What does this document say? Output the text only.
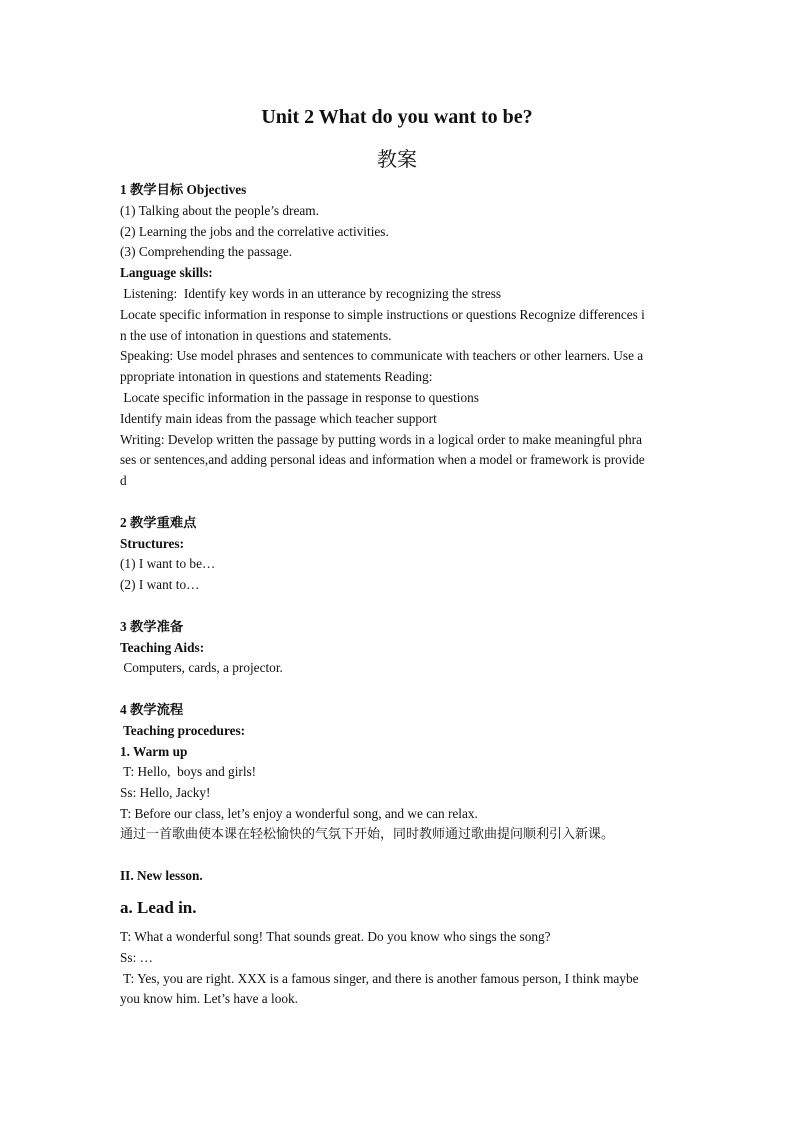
Unit 2 What do you want to be?
教案

1 教学目标 Objectives

(1) Talking about the people’s dream.

(2) Learning the jobs and the correlative activities.

(3) Comprehending the passage.

Language skills:

Listening:  Identify key words in an utterance by recognizing the stress

Locate specific information in response to simple instructions or questions Recognize differences i

n the use of intonation in questions and statements.

Speaking: Use model phrases and sentences to communicate with teachers or other learners. Use a

ppropriate intonation in questions and statements Reading:

Locate specific information in the passage in response to questions

Identify main ideas from the passage which teacher support

Writing: Develop written the passage by putting words in a logical order to make meaningful phra

ses or sentences,and adding personal ideas and information when a model or framework is provide

d

2 教学重难点

Structures:

(1) I want to be…

(2) I want to…

3 教学准备

Teaching Aids:

Computers, cards, a projector.

4 教学流程

Teaching procedures:

1. Warm up

T: Hello,  boys and girls!

Ss: Hello, Jacky!

T: Before our class, let’s enjoy a wonderful song, and we can relax.

通过一首歌曲使本课在轻松愉快的气氛下开始，同时教师通过歌曲提问顺利引入新课。

II. New lesson.

a. Lead in.

T: What a wonderful song! That sounds great. Do you know who sings the song?

Ss: …

T: Yes, you are right. XXX is a famous singer, and there is another famous person, I think maybe

you know him. Let’s have a look.
